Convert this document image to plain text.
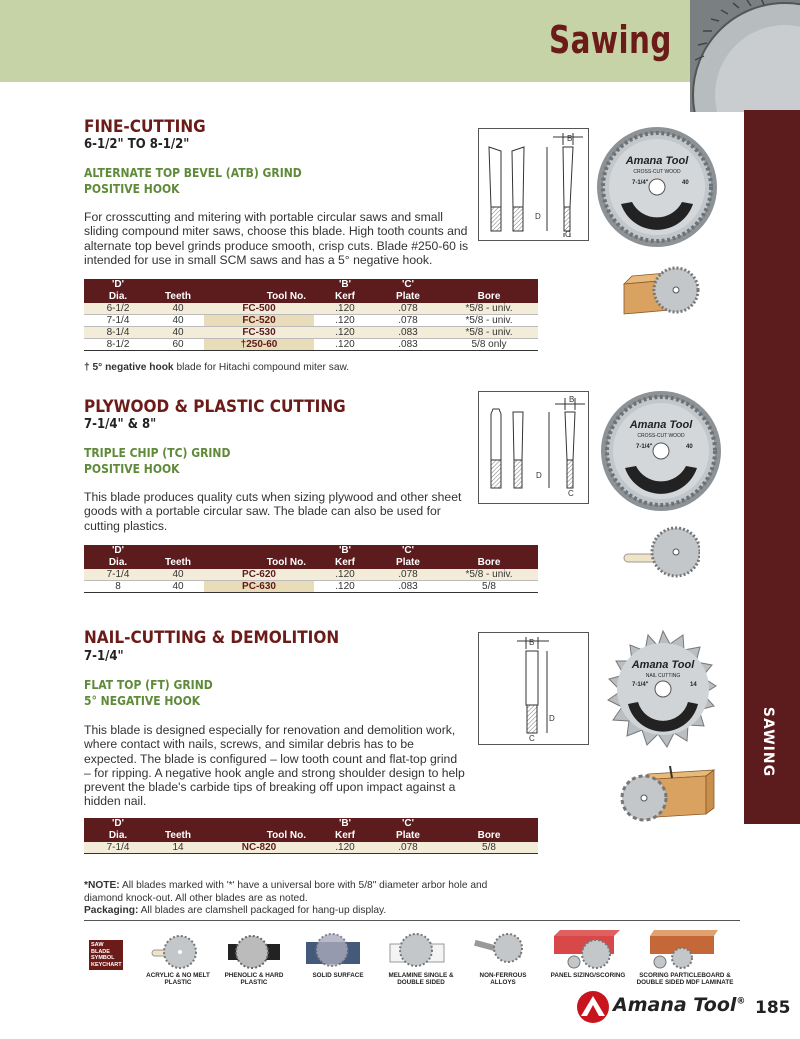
Sawing
SAWING
FINE-CUTTING
6-1/2" TO 8-1/2"
ALTERNATE TOP BEVEL (ATB) GRIND
POSITIVE HOOK
For crosscutting and mitering with portable circular saws and small sliding compound miter saws, choose this blade. High tooth counts and alternate top bevel grinds produce smooth, crisp cuts. Blade #250-60 is intended for use in small SCM saws and has a 5° negative hook.
'D'			'B'	'C'	
Dia.	Teeth	Tool No.	Kerf	Plate	Bore
6-1/2	40	FC-500	.120	.078	*5/8 - univ.
7-1/4	40	FC-520	.120	.078	*5/8 - univ.
8-1/4	40	FC-530	.120	.083	*5/8 - univ.
8-1/2	60	†250-60	.120	.083	5/8 only
† 5° negative hook blade for Hitachi compound miter saw.
B
D
C
Amana Tool
CROSS-CUT WOOD
7-1/4"	40
PLYWOOD & PLASTIC CUTTING
7-1/4" & 8"
TRIPLE CHIP (TC) GRIND
POSITIVE HOOK
This blade produces quality cuts when sizing plywood and other sheet goods with a portable circular saw. The blade can also be used for cutting plastics.
'D'			'B'	'C'	
Dia.	Teeth	Tool No.	Kerf	Plate	Bore
7-1/4	40	PC-620	.120	.078	*5/8 - univ.
8	40	PC-630	.120	.083	5/8
B
D
C
Amana Tool
CROSS-CUT WOOD
7-1/4"	40
NAIL-CUTTING & DEMOLITION
7-1/4"
FLAT TOP (FT) GRIND
5° NEGATIVE HOOK
This blade is designed especially for renovation and demolition work, where contact with nails, screws, and similar debris has to be expected. The blade is configured – low tooth count and flat-top grind – for ripping. A negative hook angle and strong shoulder design to help prevent the blade's carbide tips of breaking off upon impact against a hidden nail.
'D'			'B'	'C'	
Dia.	Teeth	Tool No.	Kerf	Plate	Bore
7-1/4	14	NC-820	.120	.078	5/8
B
D
C
Amana Tool
NAIL CUTTING
7-1/4"	14
*NOTE: All blades marked with '*' have a universal bore with 5/8" diameter arbor hole and diamond knock-out. All other blades are as noted.
Packaging: All blades are clamshell packaged for hang-up display.
SAW BLADE SYMBOL KEYCHART
ACRYLIC & NO MELT PLASTIC
PHENOLIC & HARD PLASTIC
SOLID SURFACE	MELAMINE SINGLE & DOUBLE SIDED
NON-FERROUS ALLOYS
PANEL SIZING/SCORING	SCORING PARTICLEBOARD & DOUBLE SIDED MDF LAMINATE
Amana Tool® 185
